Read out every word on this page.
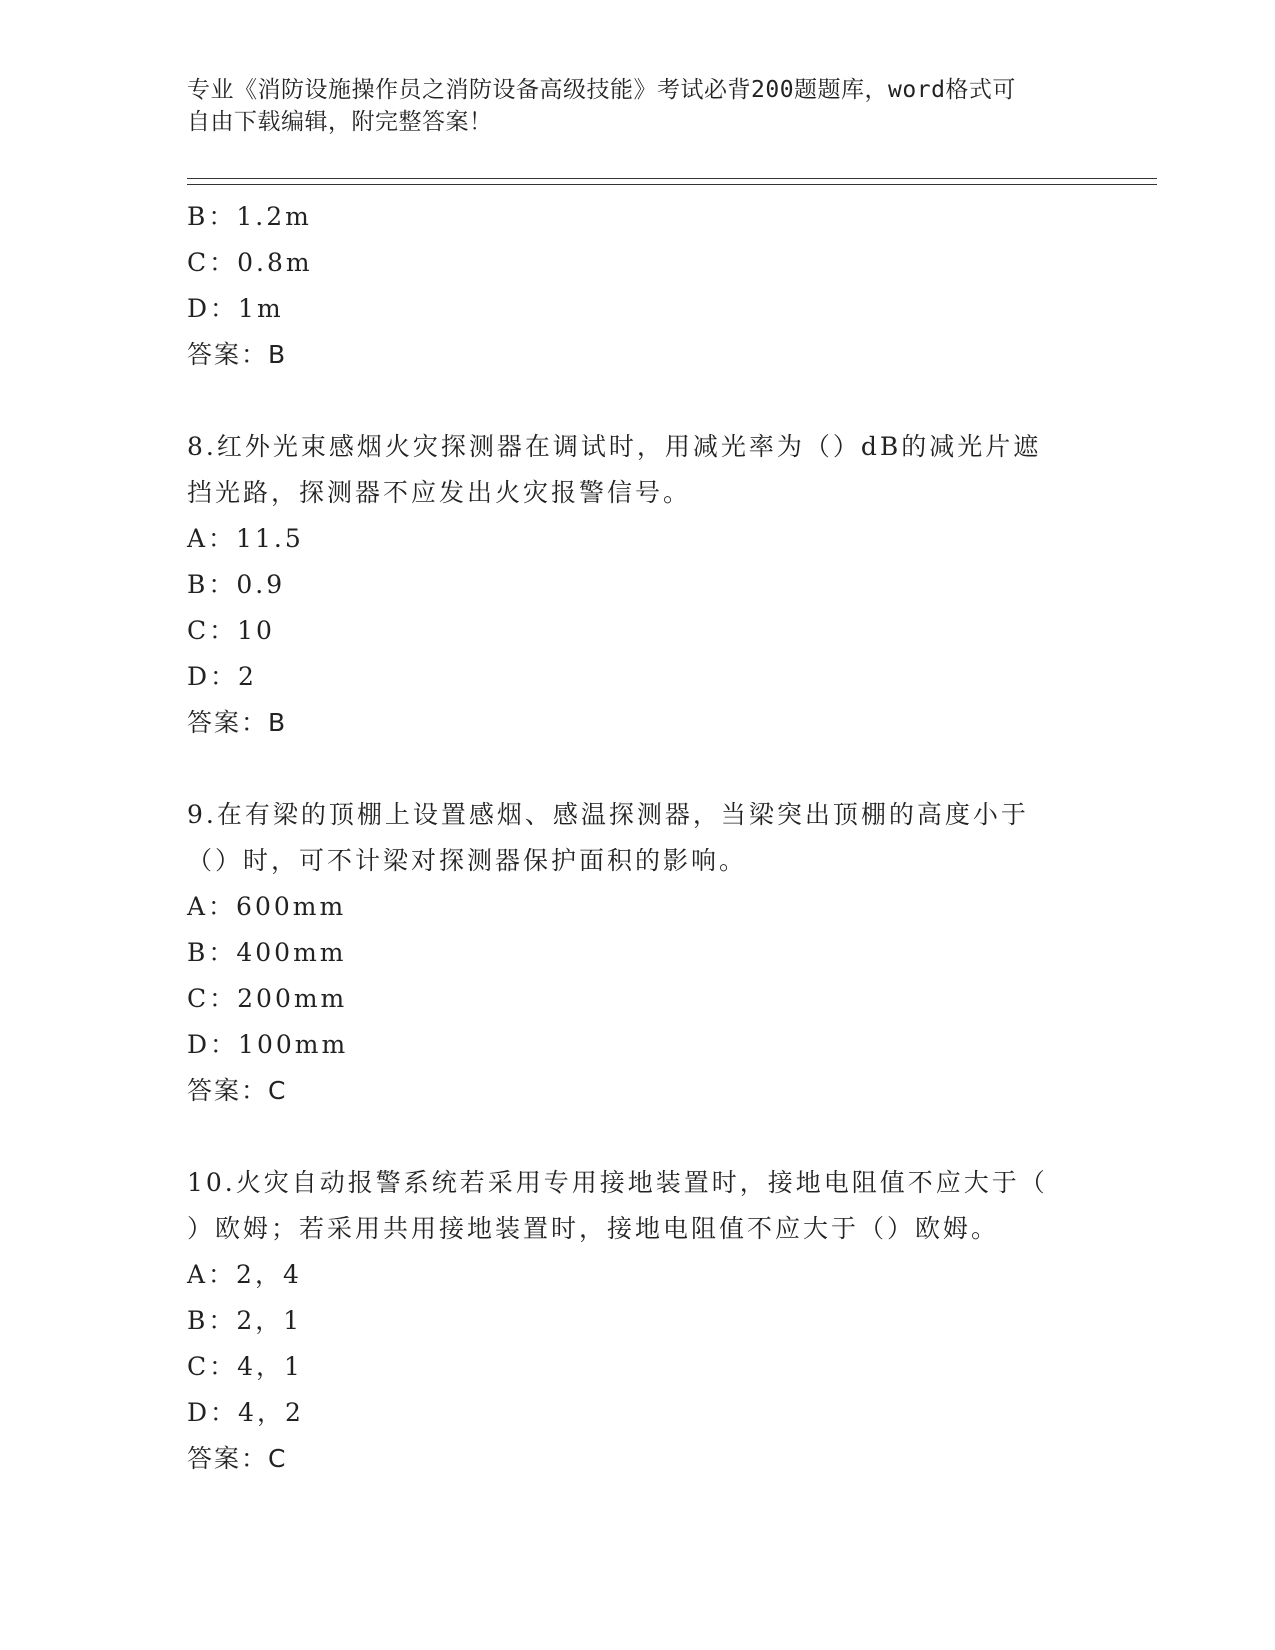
专业《消防设施操作员之消防设备高级技能》考试必背200题题库，word格式可
自由下载编辑，附完整答案！
B：1.2m
C：0.8m
D：1m
答案：B
8.红外光束感烟火灾探测器在调试时，用减光率为（）dB的减光片遮
挡光路，探测器不应发出火灾报警信号。
A：11.5
B：0.9
C：10
D：2
答案：B
9.在有梁的顶棚上设置感烟、感温探测器，当梁突出顶棚的高度小于
（）时，可不计梁对探测器保护面积的影响。
A：600mm
B：400mm
C：200mm
D：100mm
答案：C
10.火灾自动报警系统若采用专用接地装置时，接地电阻值不应大于（
）欧姆；若采用共用接地装置时，接地电阻值不应大于（）欧姆。
A：2，4
B：2，1
C：4，1
D：4，2
答案：C
